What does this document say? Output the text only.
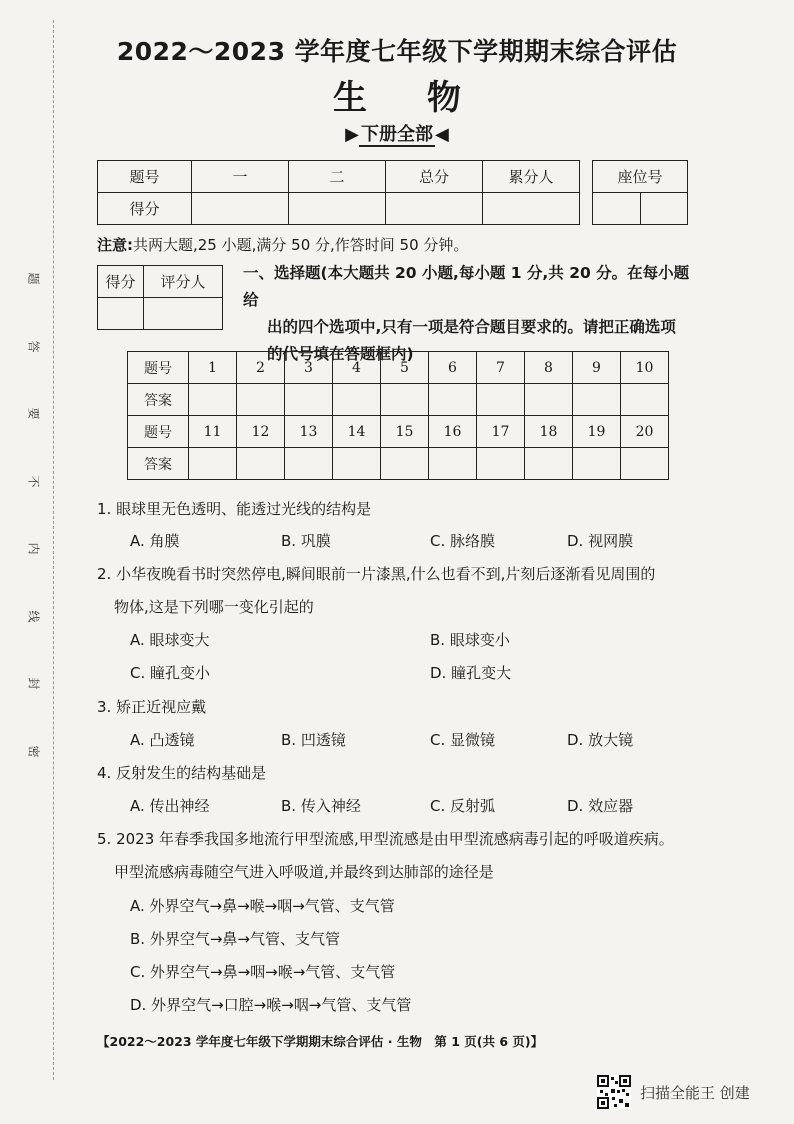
题
答
要
不
内
线
封
密
2022～2023 学年度七年级下学期期末综合评估
生物
▶ 下册全部 ◀
题号	一	二	总分	累分人
得分				
座位号

注意:共两大题,25 小题,满分 50 分,作答时间 50 分钟。
得分	评分人
	一、选择题(本大题共 20 小题,每小题 1 分,共 20 分。在每小题给
出的四个选项中,只有一项是符合题目要求的。请把正确选项
的代号填在答题框内)
题号	1	2	3	4	5	6	7	8	9	10
答案										
题号	11	12	13	14	15	16	17	18	19	20
答案										
1. 眼球里无色透明、能透过光线的结构是
A. 角膜	B. 巩膜	C. 脉络膜	D. 视网膜
2. 小华夜晚看书时突然停电,瞬间眼前一片漆黑,什么也看不到,片刻后逐渐看见周围的
物体,这是下列哪一变化引起的
A. 眼球变大	B. 眼球变小
C. 瞳孔变小	D. 瞳孔变大
3. 矫正近视应戴
A. 凸透镜	B. 凹透镜	C. 显微镜	D. 放大镜
4. 反射发生的结构基础是
A. 传出神经	B. 传入神经	C. 反射弧	D. 效应器
5. 2023 年春季我国多地流行甲型流感,甲型流感是由甲型流感病毒引起的呼吸道疾病。
甲型流感病毒随空气进入呼吸道,并最终到达肺部的途径是
A. 外界空气→鼻→喉→咽→气管、支气管
B. 外界空气→鼻→气管、支气管
C. 外界空气→鼻→咽→喉→气管、支气管
D. 外界空气→口腔→喉→咽→气管、支气管
【2022～2023 学年度七年级下学期期末综合评估 · 生物　第 1 页(共 6 页)】
扫描全能王 创建
